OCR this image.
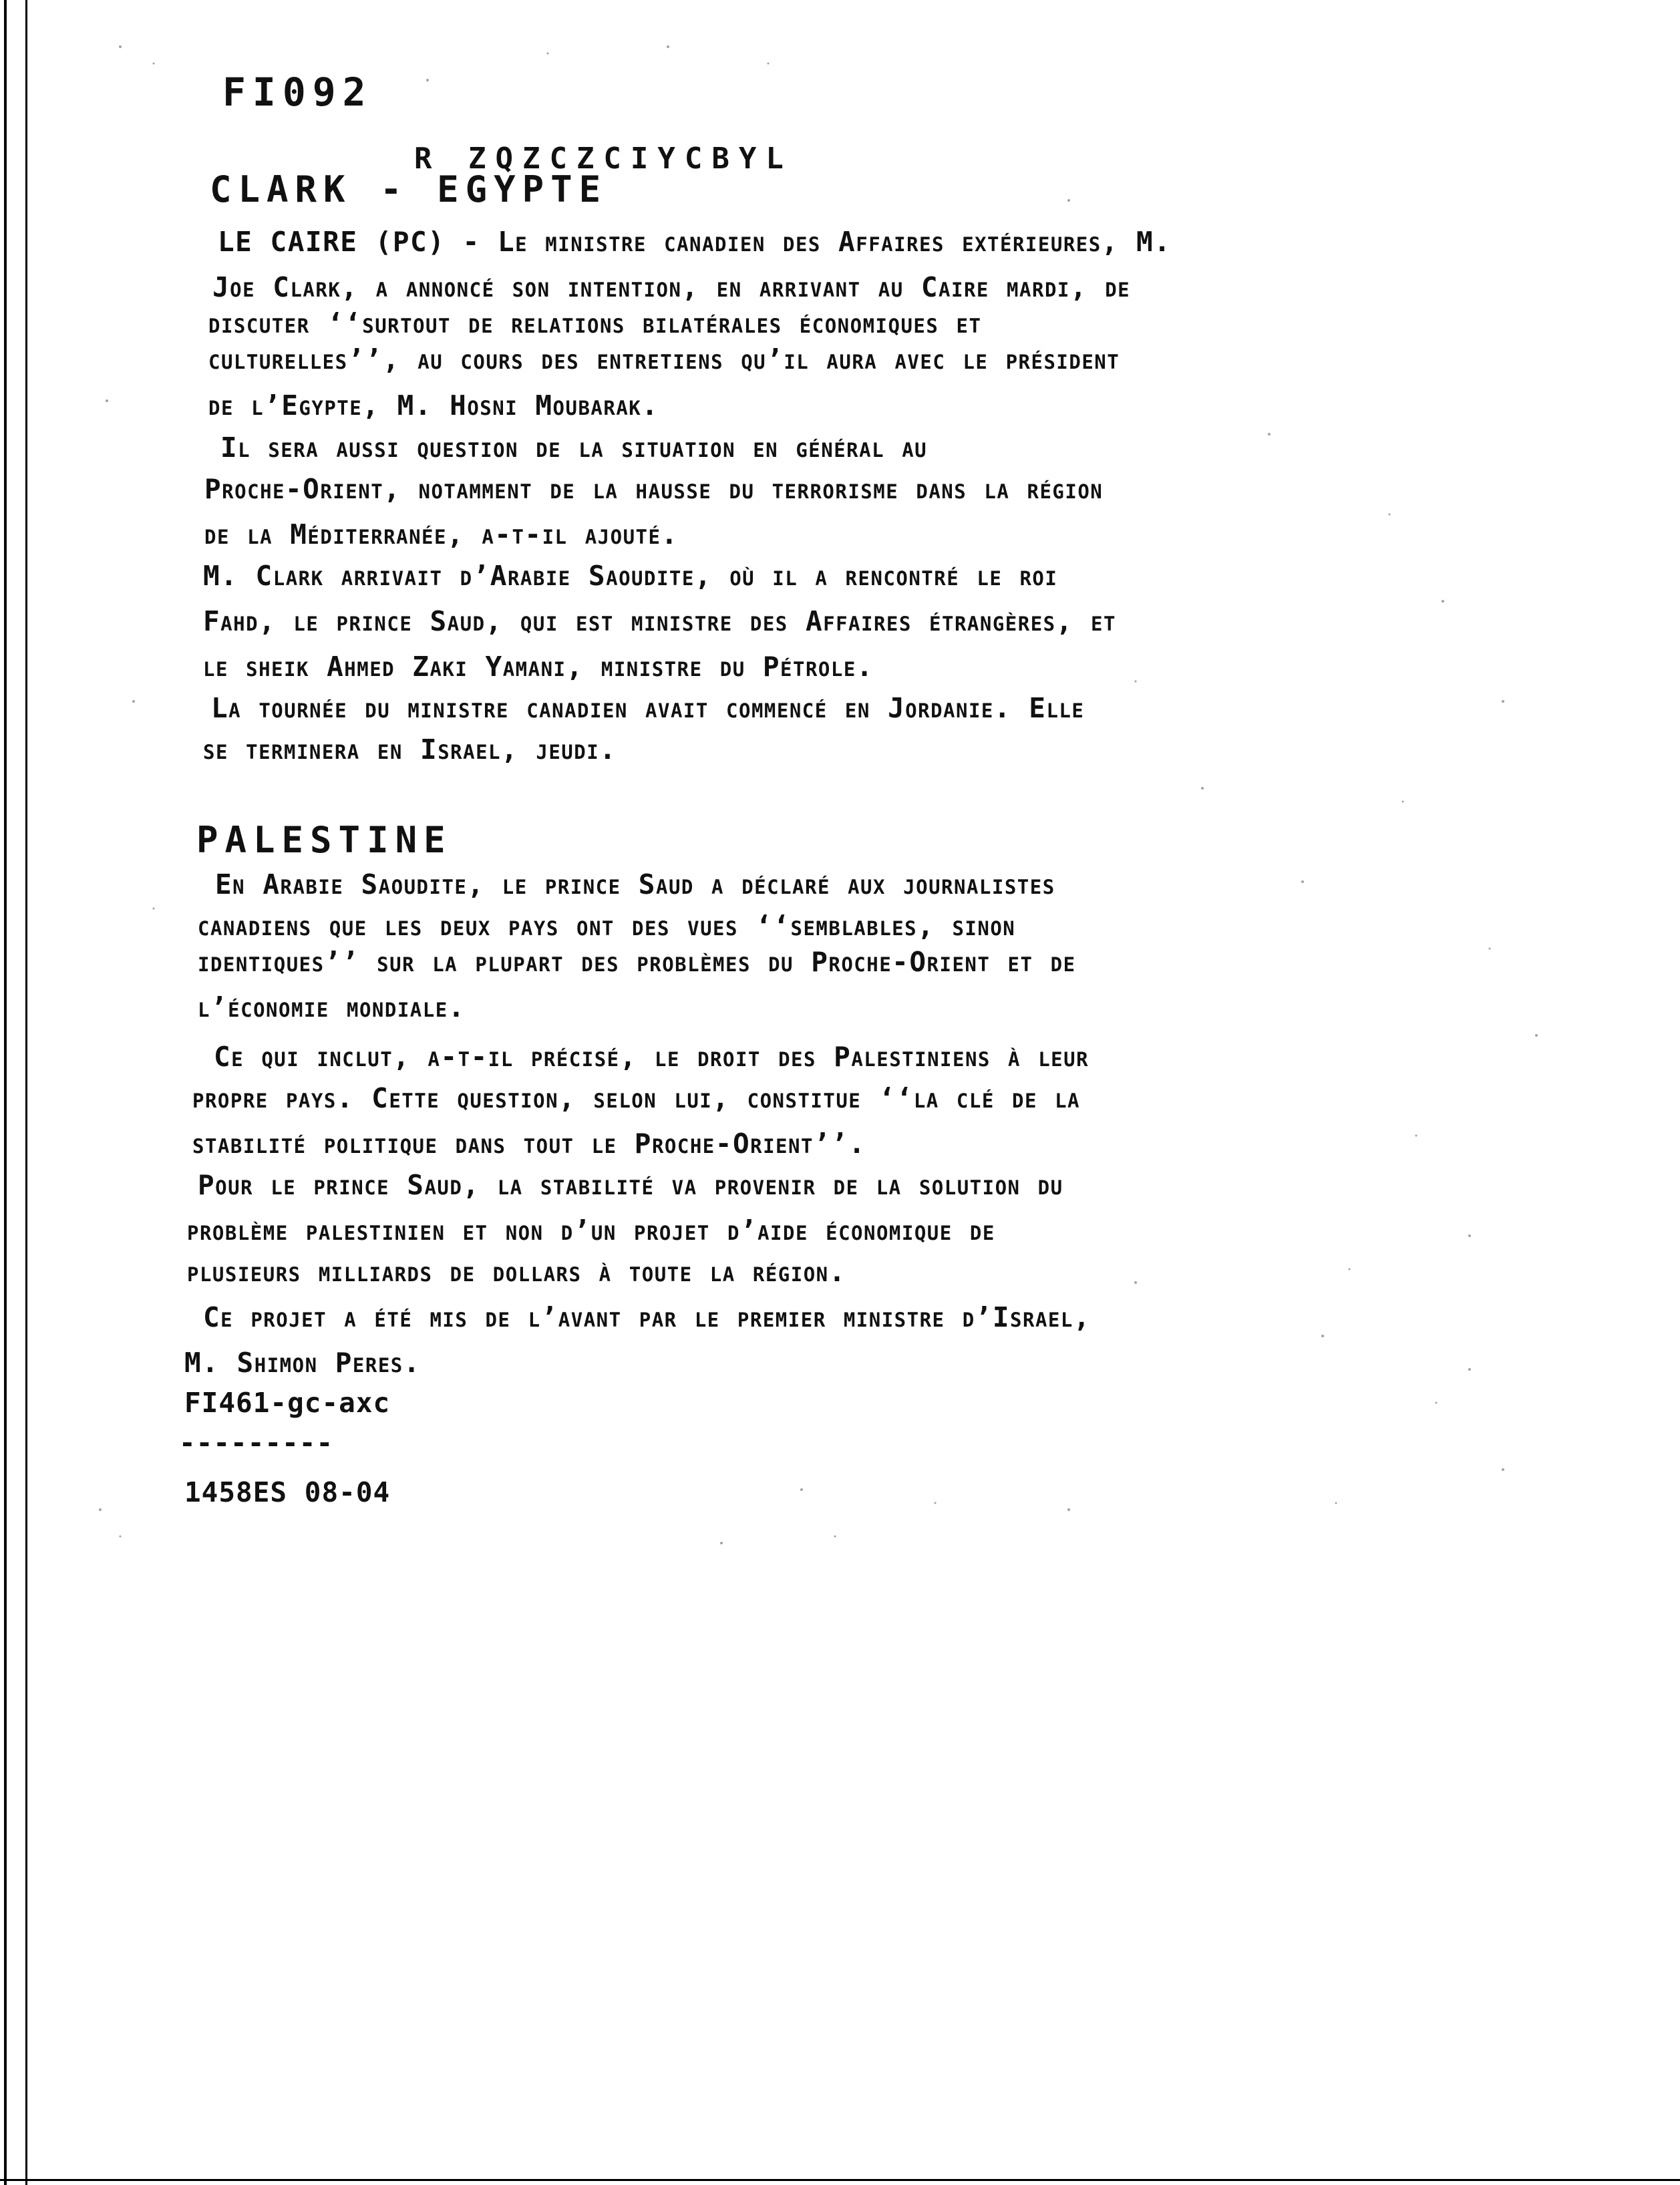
FI092

R ZQZCZCIYCBYL

CLARK - EGYPTE

LE CAIRE (PC) - Le ministre canadien des Affaires extérieures, M.

Joe Clark, a annoncé son intention, en arrivant au Caire mardi, de

discuter ‘‘surtout de relations bilatérales économiques et

culturelles’’, au cours des entretiens qu’il aura avec le président

de l’Egypte, M. Hosni Moubarak.

Il sera aussi question de la situation en général au

Proche-Orient, notamment de la hausse du terrorisme dans la région

de la Méditerranée, a-t-il ajouté.

M. Clark arrivait d’Arabie Saoudite, où il a rencontré le roi

Fahd, le prince Saud, qui est ministre des Affaires étrangères, et

le sheik Ahmed Zaki Yamani, ministre du Pétrole.

La tournée du ministre canadien avait commencé en Jordanie. Elle

se terminera en Israel, jeudi.

PALESTINE

En Arabie Saoudite, le prince Saud a déclaré aux journalistes

canadiens que les deux pays ont des vues ‘‘semblables, sinon

identiques’’ sur la plupart des problèmes du Proche-Orient et de

l’économie mondiale.

Ce qui inclut, a-t-il précisé, le droit des Palestiniens à leur

propre pays. Cette question, selon lui, constitue ‘‘la clé de la

stabilité politique dans tout le Proche-Orient’’.

Pour le prince Saud, la stabilité va provenir de la solution du

problème palestinien et non d’un projet d’aide économique de

plusieurs milliards de dollars à toute la région.

Ce projet a été mis de l’avant par le premier ministre d’Israel,

M. Shimon Peres.

FI461-gc-axc

---------

1458ES 08-04
